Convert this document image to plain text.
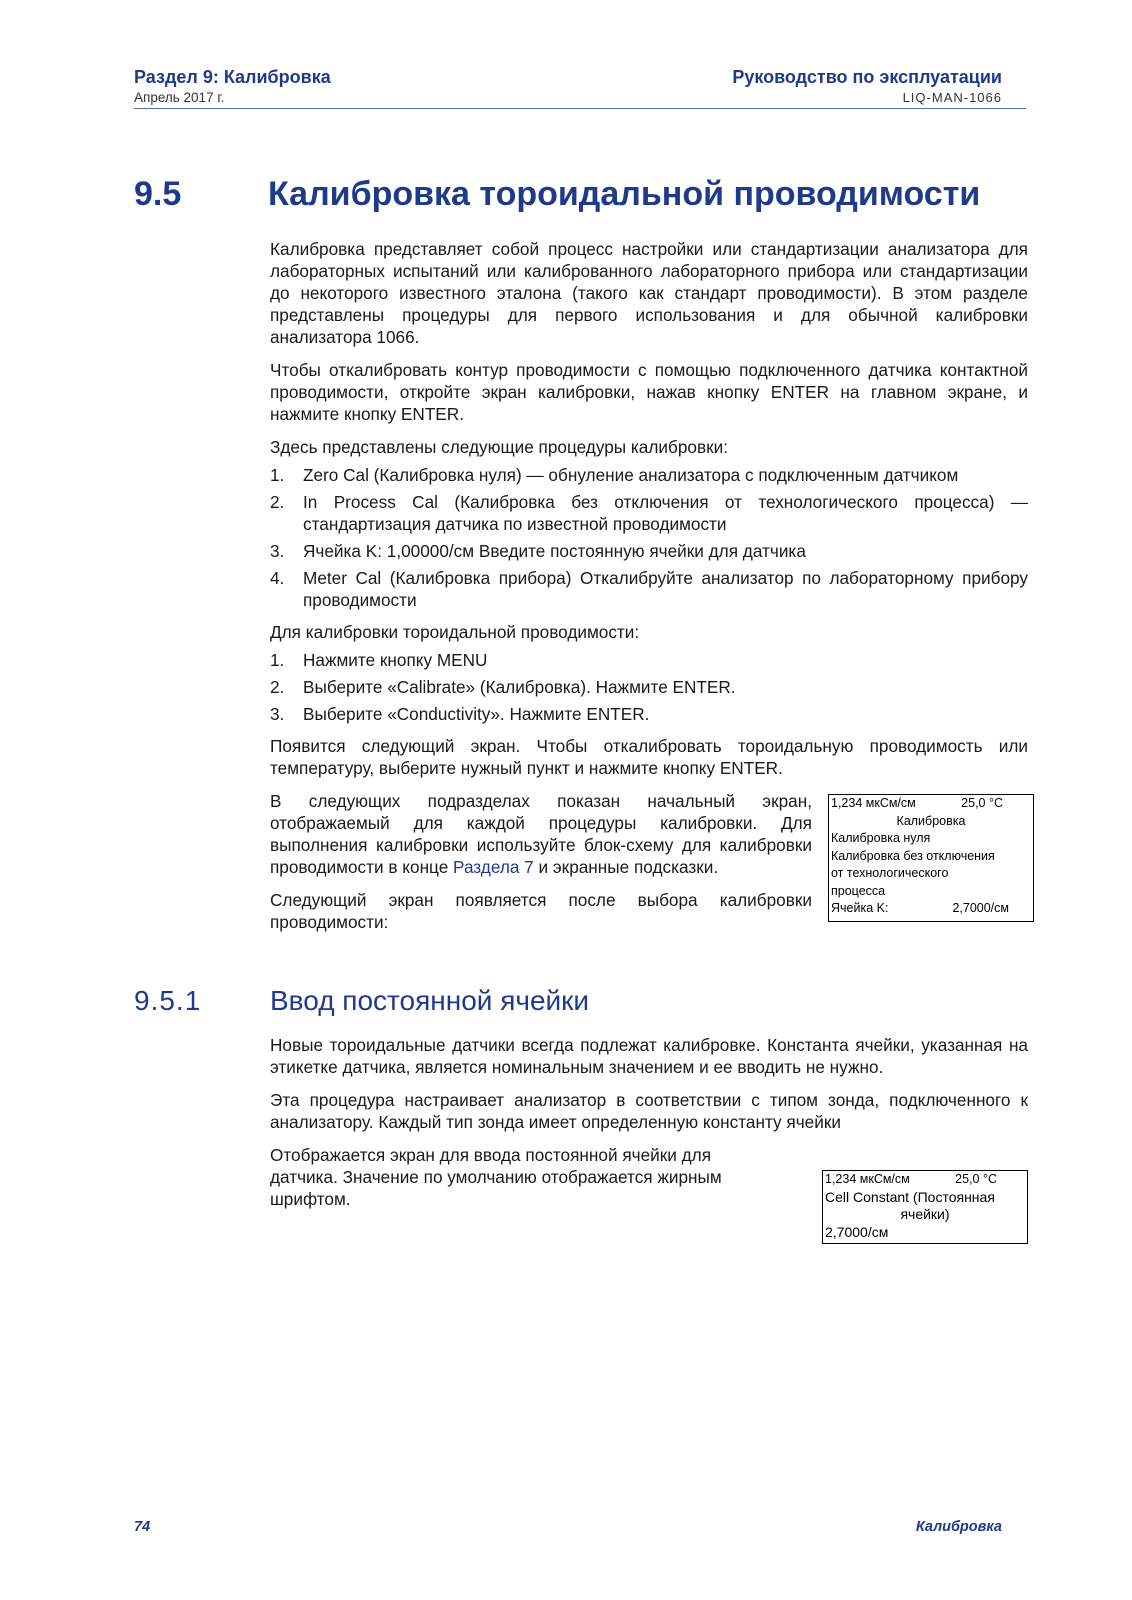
Раздел 9: Калибровка
Апрель 2017 г.
Руководство по эксплуатации
LIQ-MAN-1066
9.5	Калибровка тороидальной проводимости

Калибровка представляет собой процесс настройки или стандартизации анализатора для лабораторных испытаний или калиброванного лабораторного прибора или стандартизации до некоторого известного эталона (такого как стандарт проводимости). В этом разделе представлены процедуры для первого использования и для обычной калибровки анализатора 1066.

Чтобы откалибровать контур проводимости с помощью подключенного датчика контактной проводимости, откройте экран калибровки, нажав кнопку ENTER на главном экране, и нажмите кнопку ENTER.

Здесь представлены следующие процедуры калибровки:

1. Zero Cal (Калибровка нуля) — обнуление анализатора с подключенным датчиком
2. In Process Cal (Калибровка без отключения от технологического процесса) — стандартизация датчика по известной проводимости
3. Ячейка K: 1,00000/см Введите постоянную ячейки для датчика
4. Meter Cal (Калибровка прибора) Откалибруйте анализатор по лабораторному прибору проводимости

Для калибровки тороидальной проводимости:

1. Нажмите кнопку MENU
2. Выберите «Calibrate» (Калибровка). Нажмите ENTER.
3. Выберите «Conductivity». Нажмите ENTER.

Появится следующий экран. Чтобы откалибровать тороидальную проводимость или температуру, выберите нужный пункт и нажмите кнопку ENTER.

В следующих подразделах показан начальный экран, отображаемый для каждой процедуры калибровки. Для выполнения калибровки используйте блок-схему для калибровки проводимости в конце Раздела 7 и экранные подсказки.

Следующий экран появляется после выбора калибровки проводимости:

1,234 мкСм/см	25,0 °C
Калибровка
Калибровка нуля
Калибровка без отключения
от технологического
процесса
Ячейка K:	2,7000/см
9.5.1 Ввод постоянной ячейки

Новые тороидальные датчики всегда подлежат калибровке. Константа ячейки, указанная на этикетке датчика, является номинальным значением и ее вводить не нужно.

Эта процедура настраивает анализатор в соответствии с типом зонда, подключенного к анализатору. Каждый тип зонда имеет определенную константу ячейки

Отображается экран для ввода постоянной ячейки для датчика. Значение по умолчанию отображается жирным шрифтом.

1,234 мкСм/см	25,0 °C
Cell Constant (Постоянная
ячейки)
2,7000/см
74	Калибровка
